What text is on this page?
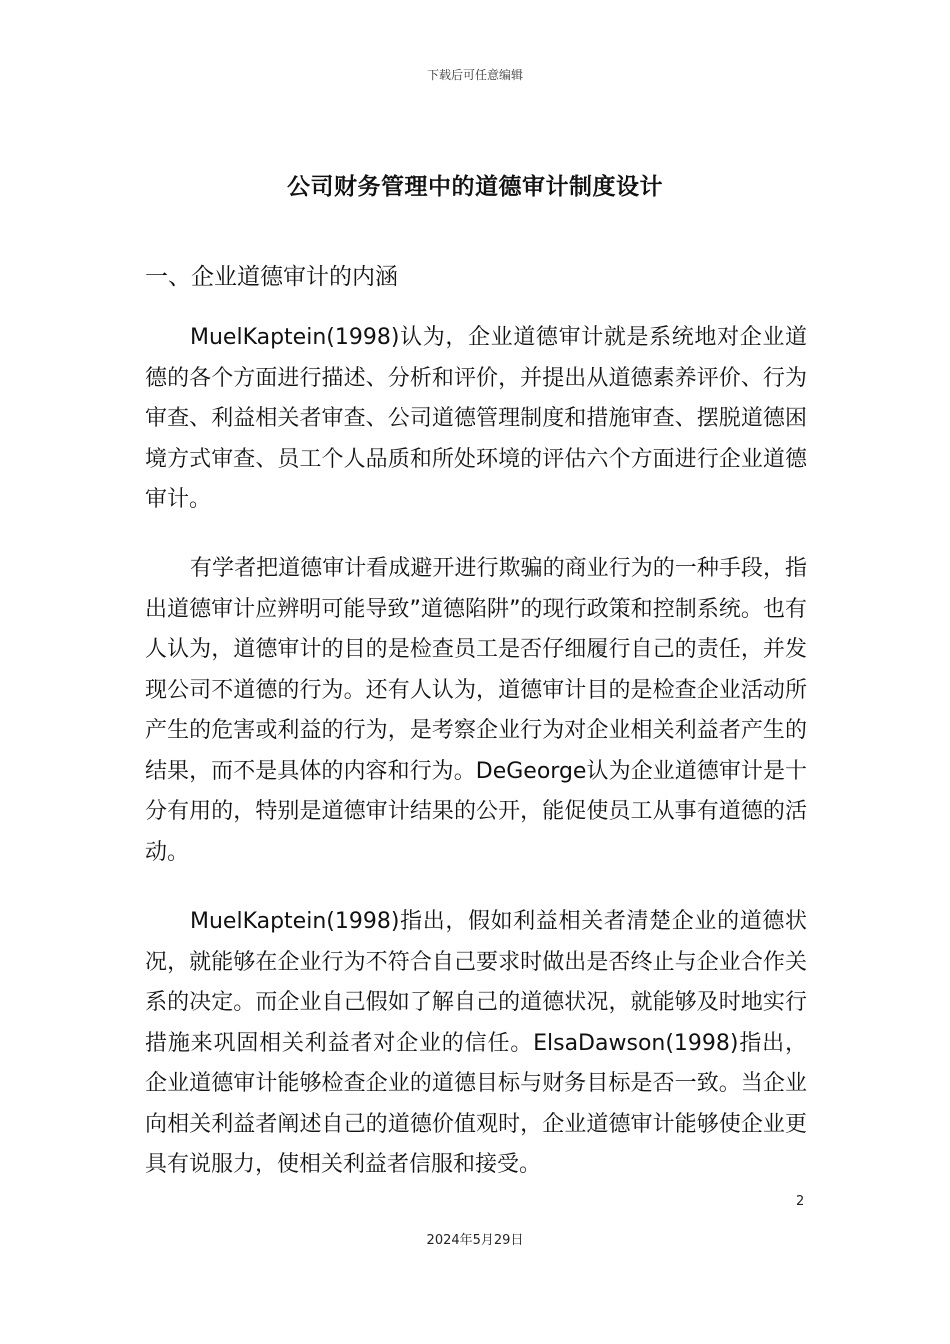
下载后可任意编辑
公司财务管理中的道德审计制度设计
一、企业道德审计的内涵

MuelKaptein(1998)认为，企业道德审计就是系统地对企业道德的各个方面进行描述、分析和评价，并提出从道德素养评价、行为审查、利益相关者审查、公司道德管理制度和措施审查、摆脱道德困境方式审查、员工个人品质和所处环境的评估六个方面进行企业道德审计。

有学者把道德审计看成避开进行欺骗的商业行为的一种手段，指出道德审计应辨明可能导致”道德陷阱”的现行政策和控制系统。也有人认为，道德审计的目的是检查员工是否仔细履行自己的责任，并发现公司不道德的行为。还有人认为，道德审计目的是检查企业活动所产生的危害或利益的行为，是考察企业行为对企业相关利益者产生的结果，而不是具体的内容和行为。DeGeorge认为企业道德审计是十分有用的，特别是道德审计结果的公开，能促使员工从事有道德的活动。

MuelKaptein(1998)指出，假如利益相关者清楚企业的道德状况，就能够在企业行为不符合自己要求时做出是否终止与企业合作关系的决定。而企业自己假如了解自己的道德状况，就能够及时地实行措施来巩固相关利益者对企业的信任。ElsaDawson(1998)指出，企业道德审计能够检查企业的道德目标与财务目标是否一致。当企业向相关利益者阐述自己的道德价值观时，企业道德审计能够使企业更具有说服力，使相关利益者信服和接受。

2
2024年5月29日
